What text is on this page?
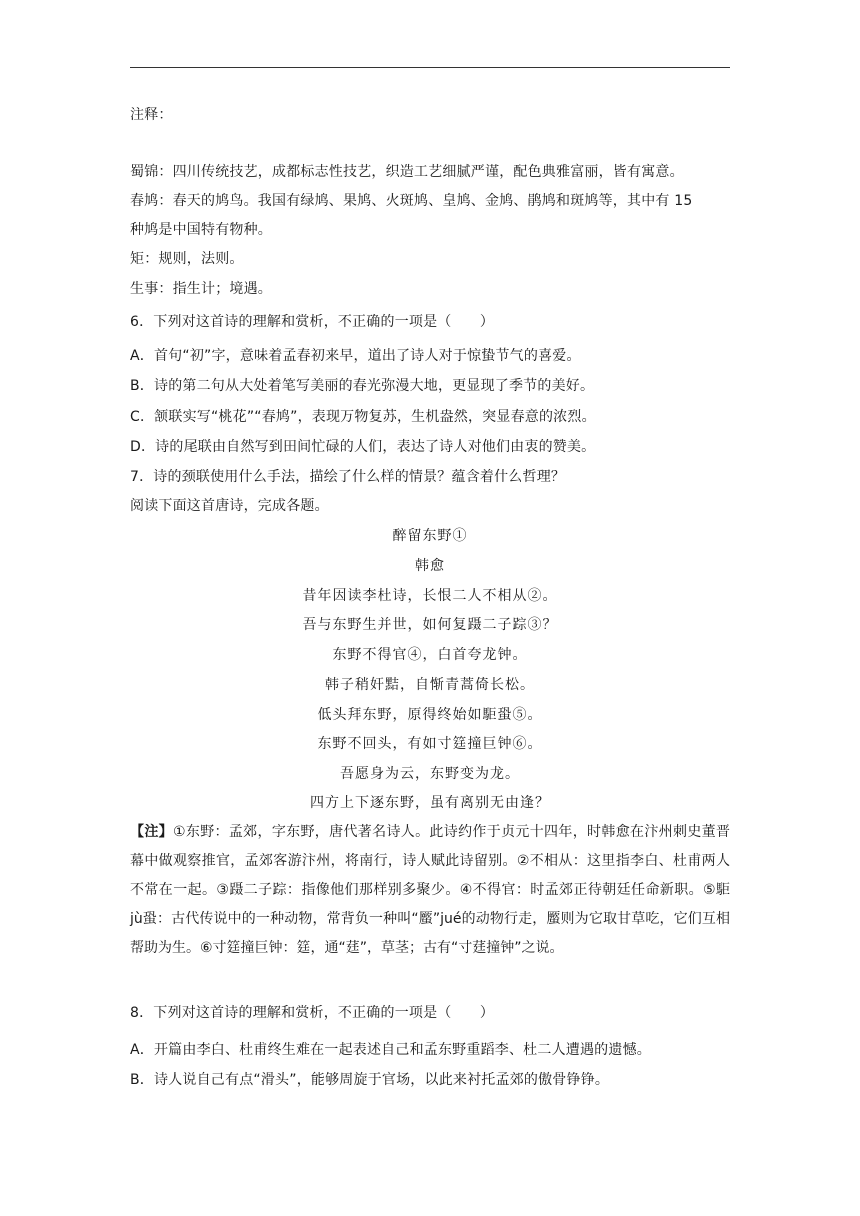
注释：
蜀锦：四川传统技艺，成都标志性技艺，织造工艺细腻严谨，配色典雅富丽，皆有寓意。
春鸠：春天的鸠鸟。我国有绿鸠、果鸠、火斑鸠、皇鸠、金鸠、鹃鸠和斑鸠等，其中有 15
种鸠是中国特有物种。
矩：规则，法则。
生事：指生计；境遇。
6．下列对这首诗的理解和赏析，不正确的一项是（　　）
A．首句“初”字，意味着孟春初来早，道出了诗人对于惊蛰节气的喜爱。
B．诗的第二句从大处着笔写美丽的春光弥漫大地，更显现了季节的美好。
C．颔联实写“桃花”“春鸠”，表现万物复苏，生机盎然，突显春意的浓烈。
D．诗的尾联由自然写到田间忙碌的人们，表达了诗人对他们由衷的赞美。
7．诗的颈联使用什么手法，描绘了什么样的情景？蕴含着什么哲理？
阅读下面这首唐诗，完成各题。
醉留东野①
韩愈
昔年因读李杜诗，长恨二人不相从②。
吾与东野生并世，如何复蹑二子踪③？
东野不得官④，白首夸龙钟。
韩子稍奸黠，自惭青蒿倚长松。
低头拜东野，原得终始如駏蛩⑤。
东野不回头，有如寸筳撞巨钟⑥。
吾愿身为云，东野变为龙。
四方上下逐东野，虽有离别无由逢？
【注】①东野：孟郊，字东野，唐代著名诗人。此诗约作于贞元十四年，时韩愈在汴州刺史董晋幕中做观察推官，孟郊客游汴州，将南行，诗人赋此诗留别。②不相从：这里指李白、杜甫两人不常在一起。③蹑二子踪：指像他们那样别多聚少。④不得官：时孟郊正待朝廷任命新职。⑤駏 jù蛩：古代传说中的一种动物，常背负一种叫“蟨”jué的动物行走，蟨则为它取甘草吃，它们互相帮助为生。⑥寸筳撞巨钟：筳，通“莛”，草茎；古有“寸莛撞钟”之说。
8．下列对这首诗的理解和赏析，不正确的一项是（　　）
A．开篇由李白、杜甫终生难在一起表述自己和孟东野重蹈李、杜二人遭遇的遗憾。
B．诗人说自己有点“滑头”，能够周旋于官场，以此来衬托孟郊的傲骨铮铮。
